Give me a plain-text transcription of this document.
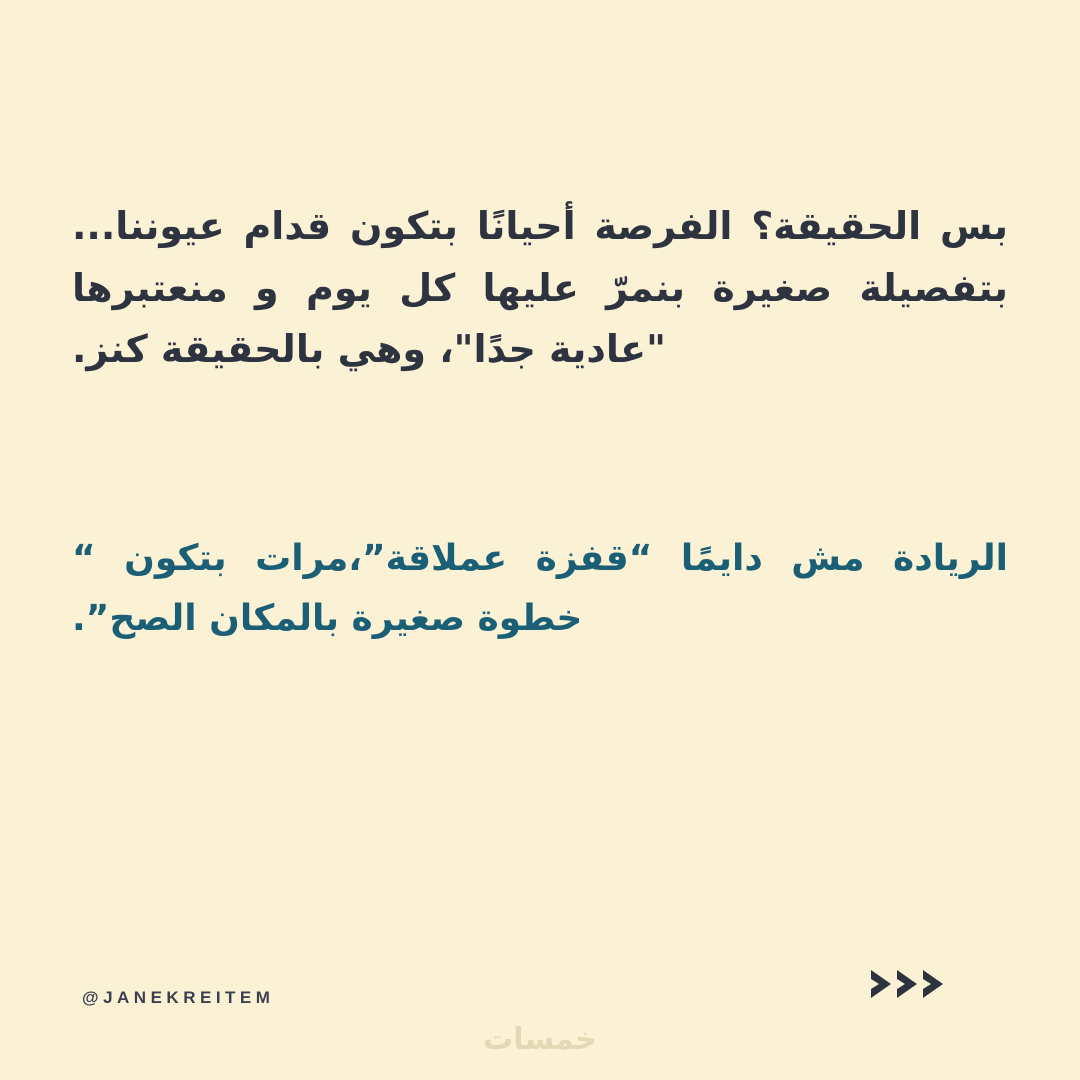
بس الحقيقة؟ الفرصة أحيانًا بتكون قدام عيوننا... بتفصيلة صغيرة بنمرّ عليها كل يوم و منعتبرها "عادية جدًا"، وهي بالحقيقة كنز.

الريادة مش دايمًا “قفزة عملاقة”،مرات بتكون “ خطوة صغيرة بالمكان الصح”.

@JANEKREITEM
خمسات
